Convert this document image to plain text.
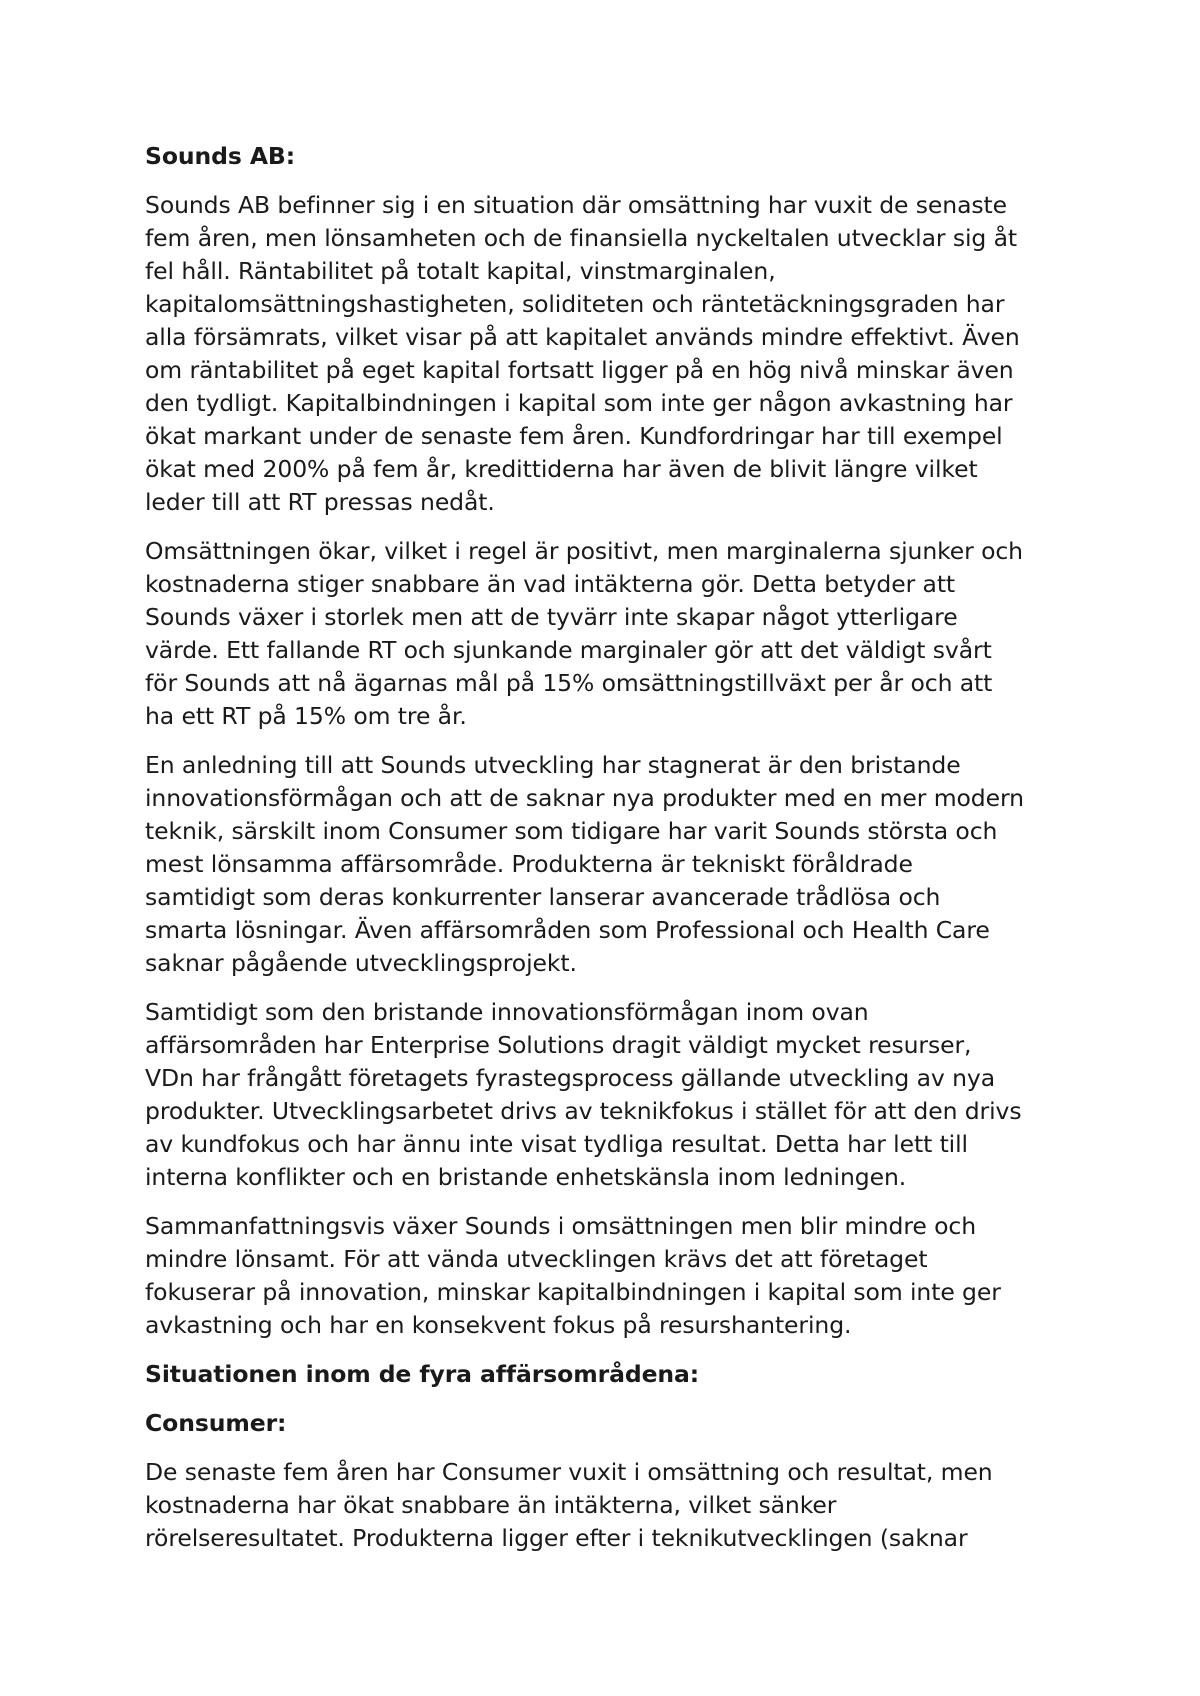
Sounds AB:
Sounds AB befinner sig i en situation där omsättning har vuxit de senaste
fem åren, men lönsamheten och de finansiella nyckeltalen utvecklar sig åt
fel håll. Räntabilitet på totalt kapital, vinstmarginalen,
kapitalomsättningshastigheten, soliditeten och räntetäckningsgraden har
alla försämrats, vilket visar på att kapitalet används mindre effektivt. Även
om räntabilitet på eget kapital fortsatt ligger på en hög nivå minskar även
den tydligt. Kapitalbindningen i kapital som inte ger någon avkastning har
ökat markant under de senaste fem åren. Kundfordringar har till exempel
ökat med 200% på fem år, kredittiderna har även de blivit längre vilket
leder till att RT pressas nedåt.
Omsättningen ökar, vilket i regel är positivt, men marginalerna sjunker och
kostnaderna stiger snabbare än vad intäkterna gör. Detta betyder att
Sounds växer i storlek men att de tyvärr inte skapar något ytterligare
värde. Ett fallande RT och sjunkande marginaler gör att det väldigt svårt
för Sounds att nå ägarnas mål på 15% omsättningstillväxt per år och att
ha ett RT på 15% om tre år.
En anledning till att Sounds utveckling har stagnerat är den bristande
innovationsförmågan och att de saknar nya produkter med en mer modern
teknik, särskilt inom Consumer som tidigare har varit Sounds största och
mest lönsamma affärsområde. Produkterna är tekniskt föråldrade
samtidigt som deras konkurrenter lanserar avancerade trådlösa och
smarta lösningar. Även affärsområden som Professional och Health Care
saknar pågående utvecklingsprojekt.
Samtidigt som den bristande innovationsförmågan inom ovan
affärsområden har Enterprise Solutions dragit väldigt mycket resurser,
VDn har frångått företagets fyrastegsprocess gällande utveckling av nya
produkter. Utvecklingsarbetet drivs av teknikfokus i stället för att den drivs
av kundfokus och har ännu inte visat tydliga resultat. Detta har lett till
interna konflikter och en bristande enhetskänsla inom ledningen.
Sammanfattningsvis växer Sounds i omsättningen men blir mindre och
mindre lönsamt. För att vända utvecklingen krävs det att företaget
fokuserar på innovation, minskar kapitalbindningen i kapital som inte ger
avkastning och har en konsekvent fokus på resurshantering.
Situationen inom de fyra affärsområdena:
Consumer:
De senaste fem åren har Consumer vuxit i omsättning och resultat, men
kostnaderna har ökat snabbare än intäkterna, vilket sänker
rörelseresultatet. Produkterna ligger efter i teknikutvecklingen (saknar
